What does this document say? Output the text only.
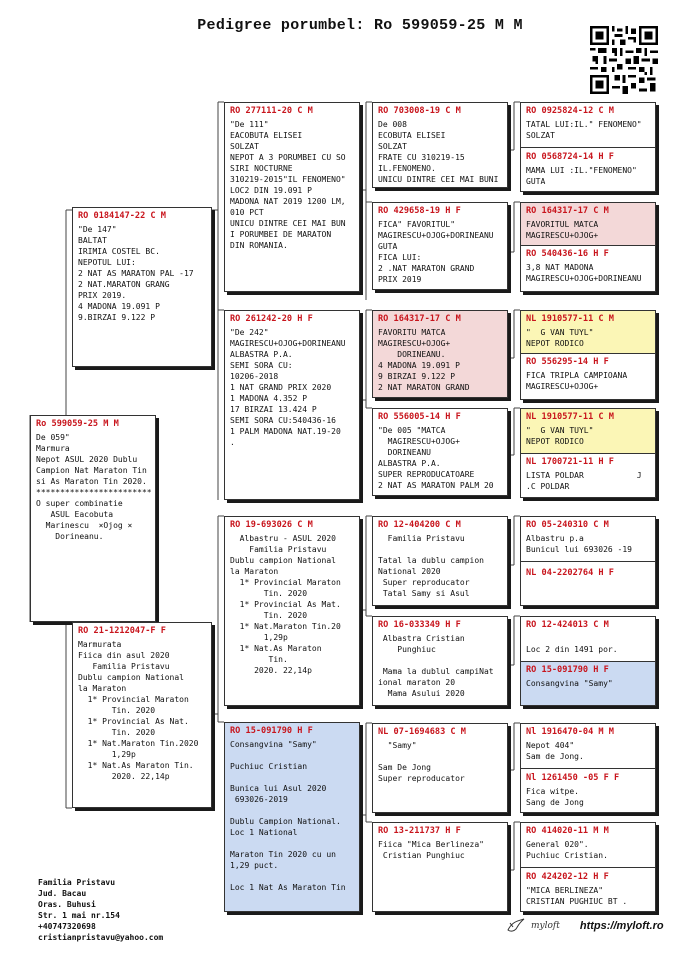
Pedigree porumbel: Ro 599059-25 M M
Ro 599059-25 M M
De 059"
Marmura
Nepot ASUL 2020 Dublu
Campion Nat Maraton Tin
si As Maraton Tin 2020.
************************
O super combinatie
ASUL Eacobuta
Marinescu  ×Ojog ×
Dorineanu.
RO 0184147-22 C M
"De 147"
BALTAT
IRIMIA COSTEL BC.
NEPOTUL LUI:
2 NAT AS MARATON PAL -17
2 NAT.MARATON GRANG
PRIX 2019.
4 MADONA 19.091 P
9.BIRZAI 9.122 P
RO 21-1212047-F F
Marmurata
Fiica din asul 2020
Familia Pristavu
Dublu campion National
la Maraton
1* Provincial Maraton
Tin. 2020
1* Provincial As Nat.
Tin. 2020
1* Nat.Maraton Tin.2020
1,29p
1* Nat.As Maraton Tin.
2020. 22,14p
RO 277111-20 C M
"De 111"
EACOBUTA ELISEI
SOLZAT
NEPOT A 3 PORUMBEI CU SO
SIRI NOCTURNE
310219-2015"IL FENOMENO"
LOC2 DIN 19.091 P
MADONA NAT 2019 1200 LM,
010 PCT
UNICU DINTRE CEI MAI BUN
I PORUMBEI DE MARATON
DIN ROMANIA.
RO 261242-20 H F
"De 242"
MAGIRESCU+OJOG+DORINEANU
ALBASTRA P.A.
SEMI SORA CU:
10206-2018
1 NAT GRAND PRIX 2020
1 MADONA 4.352 P
17 BIRZAI 13.424 P
SEMI SORA CU:540436-16
1 PALM MADONA NAT.19-20
.
RO 19-693026 C M
Albastru - ASUL 2020
Familia Pristavu
Dublu campion National
la Maraton
1* Provincial Maraton
Tin. 2020
1* Provincial As Mat.
Tin. 2020
1* Nat.Maraton Tin.20
1,29p
1* Nat.As Maraton
Tin.
2020. 22,14p
RO 15-091790 H F
Consangvina "Samy"

Puchiuc Cristian

Bunica lui Asul 2020
693026-2019

Dublu Campion National.
Loc 1 National

Maraton Tin 2020 cu un
1,29 puct.

Loc 1 Nat As Maraton Tin
RO 703008-19 C M
De 008
ECOBUTA ELISEI
SOLZAT
FRATE CU 310219-15
IL.FENOMENO.
UNICU DINTRE CEI MAI BUNI
RO 429658-19 H F
FICA" FAVORITUL"
MAGIRESCU+OJOG+DORINEANU
GUTA
FICA LUI:
2 .NAT MARATON GRAND
PRIX 2019
RO 164317-17 C M
FAVORITU MATCA
MAGIRESCU+OJOG+
DORINEANU.
4 MADONA 19.091 P
9 BIRZAI 9.122 P
2 NAT MARATON GRAND
RO 556005-14 H F
"De 005 "MATCA
MAGIRESCU+OJOG+
DORINEANU
ALBASTRA P.A.
SUPER REPRODUCATOARE
2 NAT AS MARATON PALM 20
RO 12-404200 C M
Familia Pristavu

Tatal la dublu campion
National 2020
Super reproducator
Tatal Samy si Asul
RO 16-033349 H F
Albastra Cristian
Punghiuc

Mama la dublul campiNat
ional maraton 20
Mama Asului 2020
NL 07-1694683 C M
"Samy"

Sam De Jong
Super reproducator
RO 13-211737 H F
Fiica "Mica Berlineza"
Cristian Punghiuc
RO 0925824-12 C M
TATAL LUI:IL." FENOMENO"
SOLZAT
RO 0568724-14 H F
MAMA LUI :IL."FENOMENO"
GUTA
RO 164317-17 C M
FAVORITUL MATCA
MAGIRESCU+OJOG+
RO 540436-16 H F
3,8 NAT MADONA
MAGIRESCU+OJOG+DORINEANU
NL 1910577-11 C M
"  G VAN TUYL"
NEPOT RODICO
RO 556295-14 H F
FICA TRIPLA CAMPIOANA
MAGIRESCU+OJOG+
NL 1910577-11 C M
"  G VAN TUYL"
NEPOT RODICO
NL 1700721-11 H F
LISTA POLDAR           J
.C POLDAR
RO 05-240310 C M
Albastru p.a
Bunicul lui 693026 -19
NL 04-2202764 H F
RO 12-424013 C M

Loc 2 din 1491 por.
RO 15-091790 H F
Consangvina "Samy"
Nl 1916470-04 M M
Nepot 404"
Sam de Jong.
Nl 1261450 -05 F F
Fica witpe.
Sang de Jong
RO 414020-11 M M
General 020".
Puchiuc Cristian.
RO 424202-12 H F
"MICA BERLINEZA"
CRISTIAN PUGHIUC BT .
Familia Pristavu
Jud. Bacau
Oras. Buhusi
Str. 1 mai nr.154
+40747320698
cristianpristavu@yahoo.com
myloft https://myloft.ro
